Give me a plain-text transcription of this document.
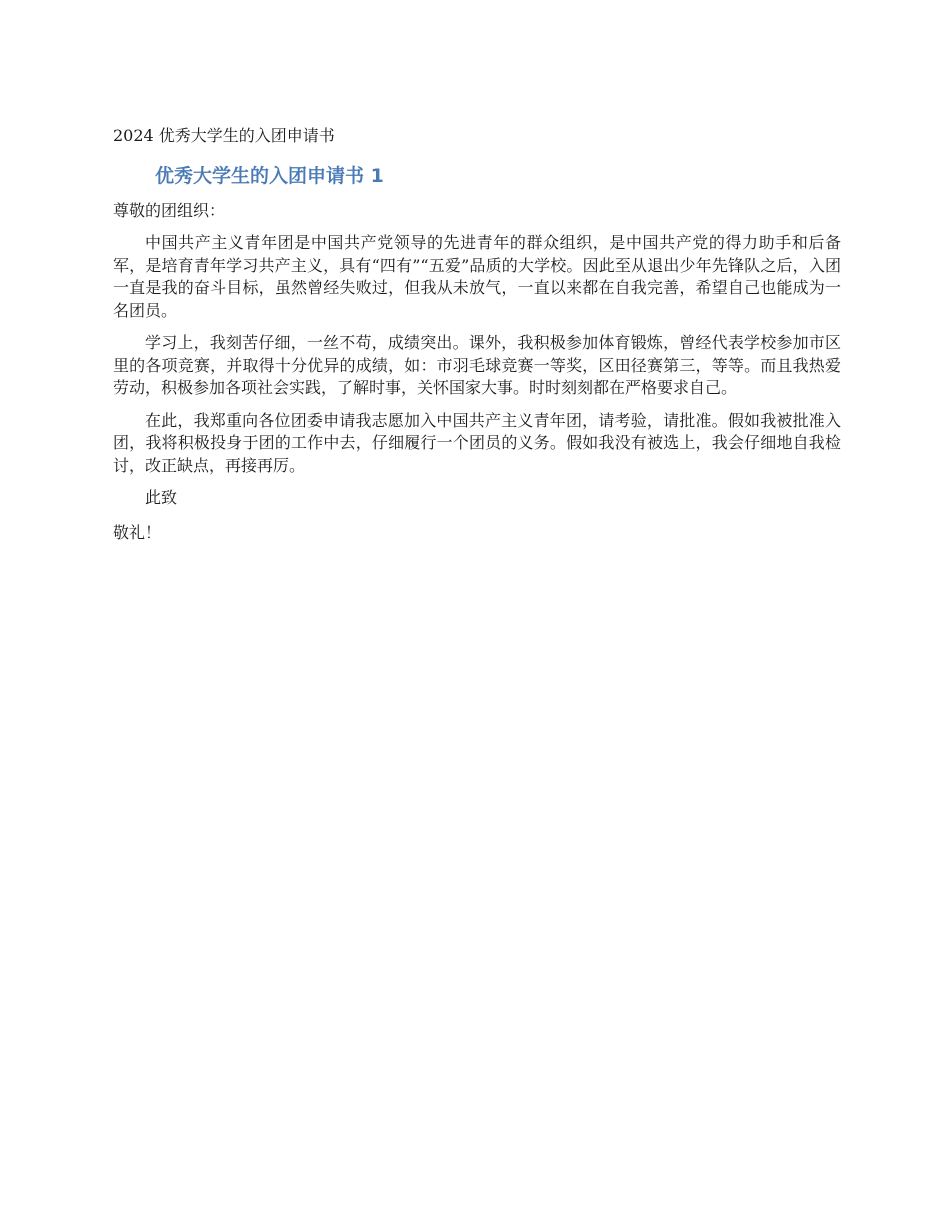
2024 优秀大学生的入团申请书

优秀大学生的入团申请书 1

尊敬的团组织：

中国共产主义青年团是中国共产党领导的先进青年的群众组织，是中国共产党的得力助手和后备军，是培育青年学习共产主义，具有“四有”“五爱”品质的大学校。因此至从退出少年先锋队之后，入团一直是我的奋斗目标，虽然曾经失败过，但我从未放气，一直以来都在自我完善，希望自己也能成为一名团员。

学习上，我刻苦仔细，一丝不苟，成绩突出。课外，我积极参加体育锻炼，曾经代表学校参加市区里的各项竞赛，并取得十分优异的成绩，如：市羽毛球竞赛一等奖，区田径赛第三，等等。而且我热爱劳动，积极参加各项社会实践，了解时事，关怀国家大事。时时刻刻都在严格要求自己。

在此，我郑重向各位团委申请我志愿加入中国共产主义青年团，请考验，请批准。假如我被批准入团，我将积极投身于团的工作中去，仔细履行一个团员的义务。假如我没有被选上，我会仔细地自我检讨，改正缺点，再接再厉。

此致

敬礼！
